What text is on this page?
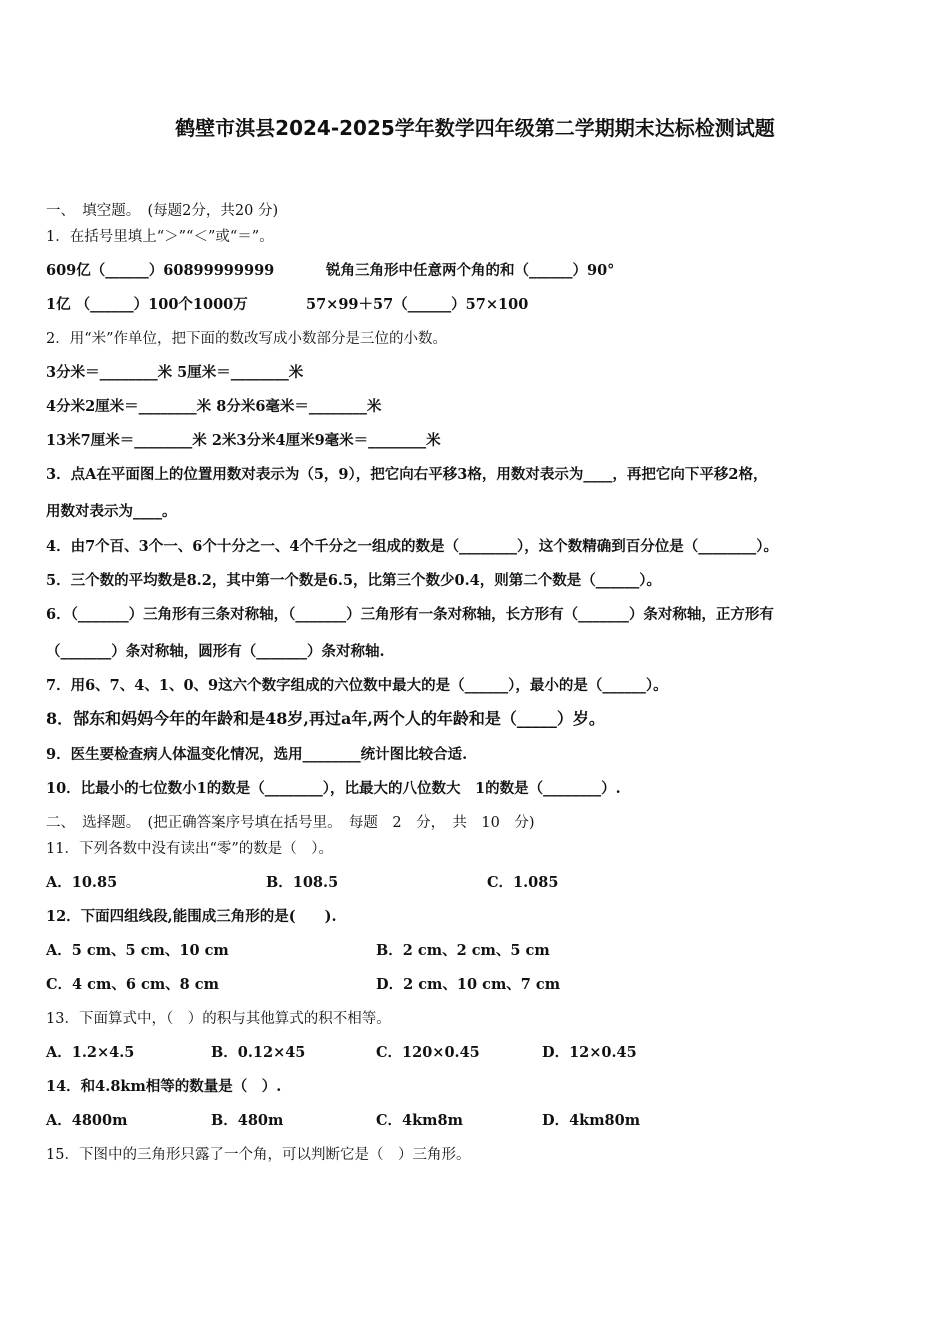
鹤壁市淇县2024-2025学年数学四年级第二学期期末达标检测试题
一、　填空题。　(每题2分，共20 分)
1．在括号里填上“＞”“＜”或“＝”。
609亿（______）60899999999	锐角三角形中任意两个角的和（______）90°
1亿 （______）100个1000万	57×99＋57（______）57×100
2．用“米”作单位，把下面的数改写成小数部分是三位的小数。
3分米＝________米 5厘米＝________米
4分米2厘米＝________米 8分米6毫米＝________米
13米7厘米＝________米 2米3分米4厘米9毫米＝________米
3．点A在平面图上的位置用数对表示为（5，9），把它向右平移3格，用数对表示为____，再把它向下平移2格，
用数对表示为____。
4．由7个百、3个一、6个十分之一、4个千分之一组成的数是（________），这个数精确到百分位是（________）。
5．三个数的平均数是8.2，其中第一个数是6.5，比第三个数少0.4，则第二个数是（______）。
6．（_______）三角形有三条对称轴，（_______）三角形有一条对称轴，长方形有（_______）条对称轴，正方形有
（_______）条对称轴，圆形有（_______）条对称轴.
7．用6、7、4、1、0、9这六个数字组成的六位数中最大的是（______），最小的是（______）。
8．郜东和妈妈今年的年龄和是48岁,再过a年,两个人的年龄和是（_____）岁。
9．医生要检查病人体温变化情况，选用________统计图比较合适.
10．比最小的七位数小1的数是（________），比最大的八位数大　1的数是（________）.
二、　选择题。　(把正确答案序号填在括号里。　每题　2　分，　共　10　分)
11．下列各数中没有读出“零”的数是（　）。
A．10.85	B．108.5	C．1.085
12．下面四组线段,能围成三角形的是(　　).
A．5 cm、5 cm、10 cm	B．2 cm、2 cm、5 cm
C．4 cm、6 cm、8 cm	D．2 cm、10 cm、7 cm
13．下面算式中，（　）的积与其他算式的积不相等。
A．1.2×4.5	B．0.12×45	C．120×0.45	D．12×0.45
14．和4.8km相等的数量是（　）.
A．4800m	B．480m	C．4km8m	D．4km80m
15．下图中的三角形只露了一个角，可以判断它是（　）三角形。
